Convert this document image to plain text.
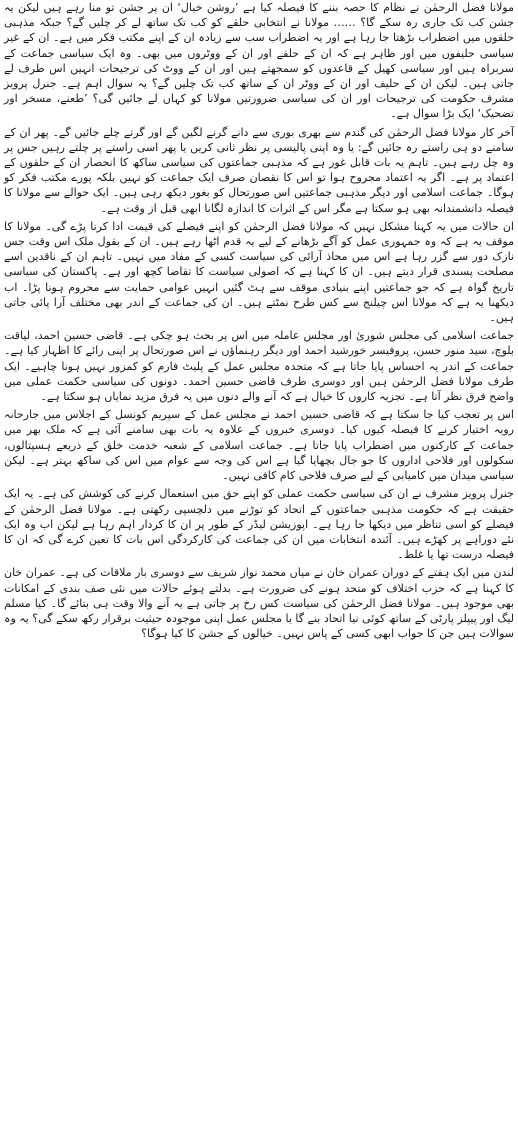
مولانا فضل الرحمٰن نے نظام کا حصہ بننے کا فیصلہ کیا ہے ’روشن خیال‘ ان پر جشن تو منا رہے ہیں لیکن یہ جشن کب تک جاری رہ سکے گا؟ …… مولانا نے انتخابی حلقے کو کب تک ساتھ لے کر چلیں گے؟ جبکہ مذہبی حلقوں میں اضطراب بڑھتا جا رہا ہے اور یہ اضطراب سب سے زیادہ ان کے اپنے مکتب فکر میں ہے۔ ان کے غیر سیاسی حلیفوں میں اور ظاہر ہے کہ ان کے حلقے اور ان کے ووٹروں میں بھی۔ وہ ایک سیاسی جماعت کے سربراہ ہیں اور سیاسی کھیل کے قاعدوں کو سمجھتے ہیں اور ان کے ووٹ کی ترجیحات انہیں اس طرف لے جاتی ہیں۔ لیکن ان کے حلیف اور ان کے ووٹر ان کے ساتھ کب تک چلیں گے؟ یہ سوال اہم ہے۔ جنرل پرویز مشرف حکومت کی ترجیحات اور ان کی سیاسی ضرورتیں مولانا کو کہاں لے جائیں گی؟ ’طعنے، مسخر اور تضحیک‘ ایک بڑا سوال ہے۔

آخر کار مولانا فضل الرحمٰن کی گندم سے بھری بوری سے دانے گرنے لگیں گے اور گرتے چلے جائیں گے۔ پھر ان کے سامنے دو ہی راستے رہ جائیں گے: یا وہ اپنی پالیسی پر نظر ثانی کریں یا پھر اسی راستے پر چلتے رہیں جس پر وہ چل رہے ہیں۔ تاہم یہ بات قابل غور ہے کہ مذہبی جماعتوں کی سیاسی ساکھ کا انحصار ان کے حلقوں کے اعتماد پر ہے۔ اگر یہ اعتماد مجروح ہوا تو اس کا نقصان صرف ایک جماعت کو نہیں بلکہ پورے مکتب فکر کو ہوگا۔ جماعت اسلامی اور دیگر مذہبی جماعتیں اس صورتحال کو بغور دیکھ رہی ہیں۔ ایک حوالے سے مولانا کا فیصلہ دانشمندانہ بھی ہو سکتا ہے مگر اس کے اثرات کا اندازہ لگانا ابھی قبل از وقت ہے۔

ان حالات میں یہ کہنا مشکل نہیں کہ مولانا فضل الرحمٰن کو اپنے فیصلے کی قیمت ادا کرنا پڑے گی۔ مولانا کا موقف یہ ہے کہ وہ جمہوری عمل کو آگے بڑھانے کے لیے یہ قدم اٹھا رہے ہیں۔ ان کے بقول ملک اس وقت جس نازک دور سے گزر رہا ہے اس میں محاذ آرائی کی سیاست کسی کے مفاد میں نہیں۔ تاہم ان کے ناقدین اسے مصلحت پسندی قرار دیتے ہیں۔ ان کا کہنا ہے کہ اصولی سیاست کا تقاضا کچھ اور ہے۔ پاکستان کی سیاسی تاریخ گواہ ہے کہ جو جماعتیں اپنے بنیادی موقف سے ہٹ گئیں انہیں عوامی حمایت سے محروم ہونا پڑا۔ اب دیکھنا یہ ہے کہ مولانا اس چیلنج سے کس طرح نمٹتے ہیں۔ ان کی جماعت کے اندر بھی مختلف آرا پائی جاتی ہیں۔

جماعت اسلامی کی مجلس شوریٰ اور مجلس عاملہ میں اس پر بحث ہو چکی ہے۔ قاضی حسین احمد، لیاقت بلوچ، سید منور حسن، پروفیسر خورشید احمد اور دیگر رہنماؤں نے اس صورتحال پر اپنی رائے کا اظہار کیا ہے۔ جماعت کے اندر یہ احساس پایا جاتا ہے کہ متحدہ مجلس عمل کے پلیٹ فارم کو کمزور نہیں ہونا چاہیے۔ ایک طرف مولانا فضل الرحمٰن ہیں اور دوسری طرف قاضی حسین احمد۔ دونوں کی سیاسی حکمت عملی میں واضح فرق نظر آتا ہے۔ تجزیہ کاروں کا خیال ہے کہ آنے والے دنوں میں یہ فرق مزید نمایاں ہو سکتا ہے۔

اس پر تعجب کیا جا سکتا ہے کہ قاضی حسین احمد نے مجلس عمل کے سپریم کونسل کے اجلاس میں جارحانہ رویہ اختیار کرنے کا فیصلہ کیوں کیا۔ دوسری خبروں کے علاوہ یہ بات بھی سامنے آئی ہے کہ ملک بھر میں جماعت کے کارکنوں میں اضطراب پایا جاتا ہے۔ جماعت اسلامی کے شعبہ خدمت خلق کے ذریعے ہسپتالوں، سکولوں اور فلاحی اداروں کا جو جال بچھایا گیا ہے اس کی وجہ سے عوام میں اس کی ساکھ بہتر ہے۔ لیکن سیاسی میدان میں کامیابی کے لیے صرف فلاحی کام کافی نہیں۔

جنرل پرویز مشرف نے ان کی سیاسی حکمت عملی کو اپنے حق میں استعمال کرنے کی کوشش کی ہے۔ یہ ایک حقیقت ہے کہ حکومت مذہبی جماعتوں کے اتحاد کو توڑنے میں دلچسپی رکھتی ہے۔ مولانا فضل الرحمٰن کے فیصلے کو اسی تناظر میں دیکھا جا رہا ہے۔ اپوزیشن لیڈر کے طور پر ان کا کردار اہم رہا ہے لیکن اب وہ ایک نئے دوراہے پر کھڑے ہیں۔ آئندہ انتخابات میں ان کی جماعت کی کارکردگی اس بات کا تعین کرے گی کہ ان کا فیصلہ درست تھا یا غلط۔

لندن میں ایک ہفتے کے دوران عمران خان نے میاں محمد نواز شریف سے دوسری بار ملاقات کی ہے۔ عمران خان کا کہنا ہے کہ حزب اختلاف کو متحد ہونے کی ضرورت ہے۔ بدلتے ہوئے حالات میں نئی صف بندی کے امکانات بھی موجود ہیں۔ مولانا فضل الرحمٰن کی سیاست کس رخ پر جاتی ہے یہ آنے والا وقت ہی بتائے گا۔ کیا مسلم لیگ اور پیپلز پارٹی کے ساتھ کوئی نیا اتحاد بنے گا یا مجلس عمل اپنی موجودہ حیثیت برقرار رکھ سکے گی؟ یہ وہ سوالات ہیں جن کا جواب ابھی کسی کے پاس نہیں۔ خیالوں کے جشن کا کیا ہوگا؟
